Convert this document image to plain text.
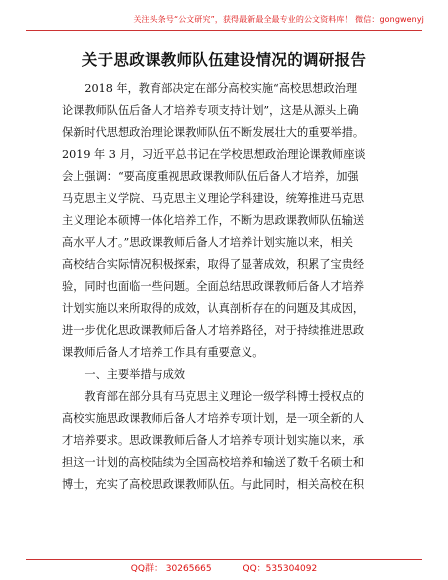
关注头条号“公文研究”，获得最新最全最专业的公文资料库！ 微信：gongwenyj
关于思政课教师队伍建设情况的调研报告
　　2018 年，教育部决定在部分高校实施“高校思想政治理
论课教师队伍后备人才培养专项支持计划”，这是从源头上确
保新时代思想政治理论课教师队伍不断发展壮大的重要举措。
2019 年 3 月，习近平总书记在学校思想政治理论课教师座谈
会上强调：“要高度重视思政课教师队伍后备人才培养，加强
马克思主义学院、马克思主义理论学科建设，统筹推进马克思
主义理论本硕博一体化培养工作，不断为思政课教师队伍输送
高水平人才。”思政课教师后备人才培养计划实施以来，相关
高校结合实际情况积极探索，取得了显著成效，积累了宝贵经
验，同时也面临一些问题。全面总结思政课教师后备人才培养
计划实施以来所取得的成效，认真剖析存在的问题及其成因，
进一步优化思政课教师后备人才培养路径，对于持续推进思政
课教师后备人才培养工作具有重要意义。
　　一、主要举措与成效
　　教育部在部分具有马克思主义理论一级学科博士授权点的
高校实施思政课教师后备人才培养专项计划，是一项全新的人
才培养要求。思政课教师后备人才培养专项计划实施以来，承
担这一计划的高校陆续为全国高校培养和输送了数千名硕士和
博士，充实了高校思政课教师队伍。与此同时，相关高校在积
QQ群： 30265665	QQ：535304092
